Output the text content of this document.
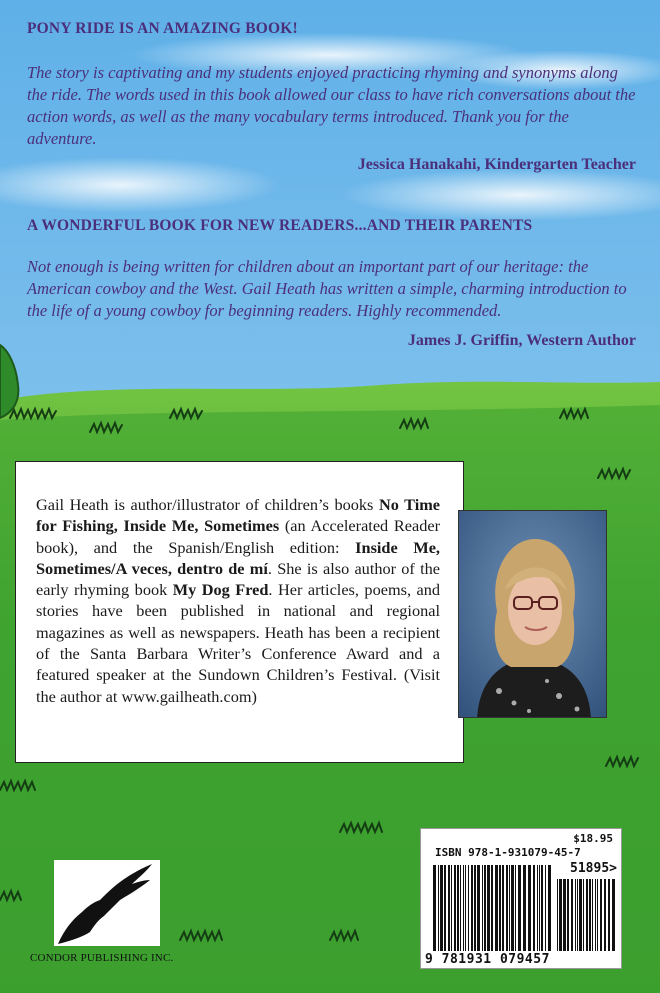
PONY RIDE IS AN AMAZING BOOK!
The story is captivating and my students enjoyed practicing rhyming and synonyms along the ride. The words used in this book allowed our class to have rich conversations about the action words, as well as the many vocabulary terms introduced. Thank you for the adventure.
Jessica Hanakahi, Kindergarten Teacher
A WONDERFUL BOOK FOR NEW READERS...AND THEIR PARENTS
Not enough is being written for children about an important part of our heritage: the American cowboy and the West. Gail Heath has written a simple, charming introduction to the life of a young cowboy for beginning readers. Highly recommended.
James J. Griffin, Western Author
Gail Heath is author/illustrator of children’s books No Time for Fishing, Inside Me, Sometimes (an Accelerated Reader book), and the Spanish/English edition: Inside Me, Sometimes/A veces, dentro de mí. She is also author of the early rhyming book My Dog Fred. Her articles, poems, and stories have been published in national and regional magazines as well as newspapers. Heath has been a recipient of the Santa Barbara Writer’s Conference Award and a featured speaker at the Sundown Children’s Festival. (Visit the author at www.gailheath.com)
CONDOR PUBLISHING INC.
$18.95
ISBN 978-1-931079-45-7
51895>
9 781931 079457
